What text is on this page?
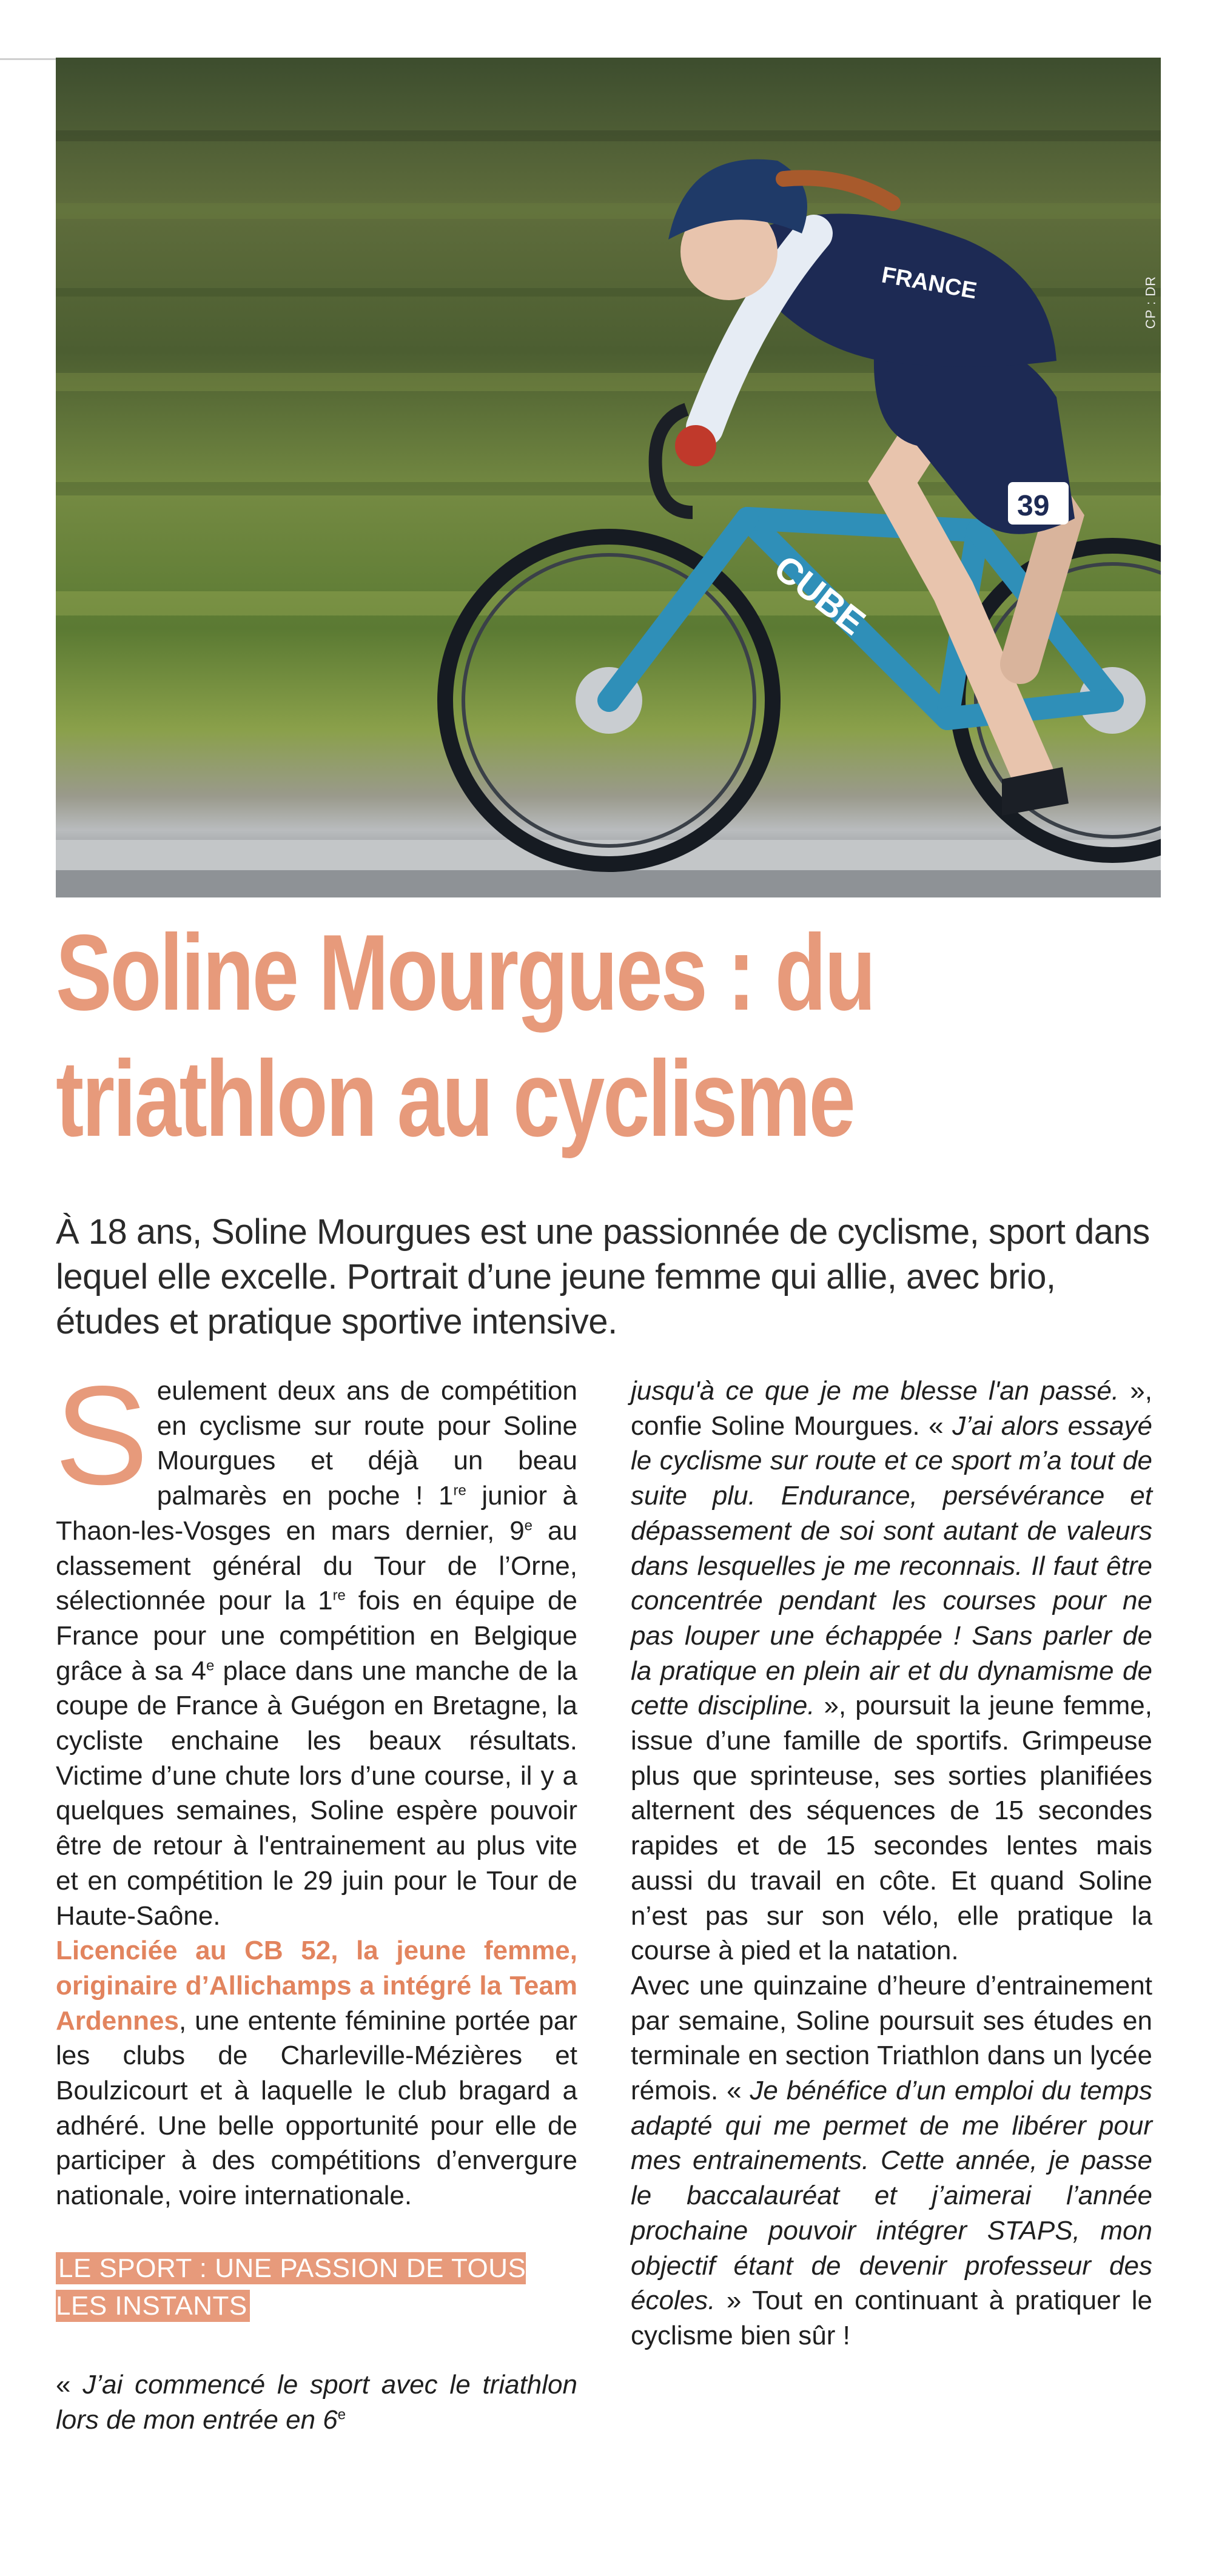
CUBE
39
FRANCE	CP : DR
Soline Mourgues : du
triathlon au cyclisme

À 18 ans, Soline Mourgues est une passionnée de cyclisme, sport dans lequel elle excelle. Portrait d’une jeune femme qui allie, avec brio, études et pratique sportive intensive.

Seulement deux ans de compétition en cyclisme sur route pour Soline Mourgues et déjà un beau palmarès en poche ! 1re junior à Thaon-les-Vosges en mars dernier, 9e au classement général du Tour de l’Orne, sélectionnée pour la 1re fois en équipe de France pour une compétition en Belgique grâce à sa 4e place dans une manche de la coupe de France à Guégon en Bretagne, la cycliste enchaine les beaux résultats. Victime d’une chute lors d’une course, il y a quelques semaines, Soline espère pouvoir être de retour à l'entrainement au plus vite et en compétition le 29 juin pour le Tour de Haute-Saône.

Licenciée au CB 52, la jeune femme, originaire d’Allichamps a intégré la Team Ardennes, une entente féminine portée par les clubs de Charleville-Mézières et Boulzicourt et à laquelle le club bragard a adhéré. Une belle opportunité pour elle de participer à des compétitions d’envergure nationale, voire internationale.

LE SPORT : UNE PASSION DE TOUS LES INSTANTS

« J’ai commencé le sport avec le triathlon lors de mon entrée en 6e

jusqu'à ce que je me blesse l'an passé. », confie Soline Mourgues. « J’ai alors essayé le cyclisme sur route et ce sport m’a tout de suite plu. Endurance, persévérance et dépassement de soi sont autant de valeurs dans lesquelles je me reconnais. Il faut être concentrée pendant les courses pour ne pas louper une échappée ! Sans parler de la pratique en plein air et du dynamisme de cette discipline. », poursuit la jeune femme, issue d’une famille de sportifs. Grimpeuse plus que sprinteuse, ses sorties planifiées alternent des séquences de 15 secondes rapides et de 15 secondes lentes mais aussi du travail en côte. Et quand Soline n’est pas sur son vélo, elle pratique la course à pied et la natation.

Avec une quinzaine d’heure d’entrainement par semaine, Soline poursuit ses études en terminale en section Triathlon dans un lycée rémois. « Je bénéfice d’un emploi du temps adapté qui me permet de me libérer pour mes entrainements. Cette année, je passe le baccalauréat et j’aimerai l’année prochaine pouvoir intégrer STAPS, mon objectif étant de devenir professeur des écoles. » Tout en continuant à pratiquer le cyclisme bien sûr !
